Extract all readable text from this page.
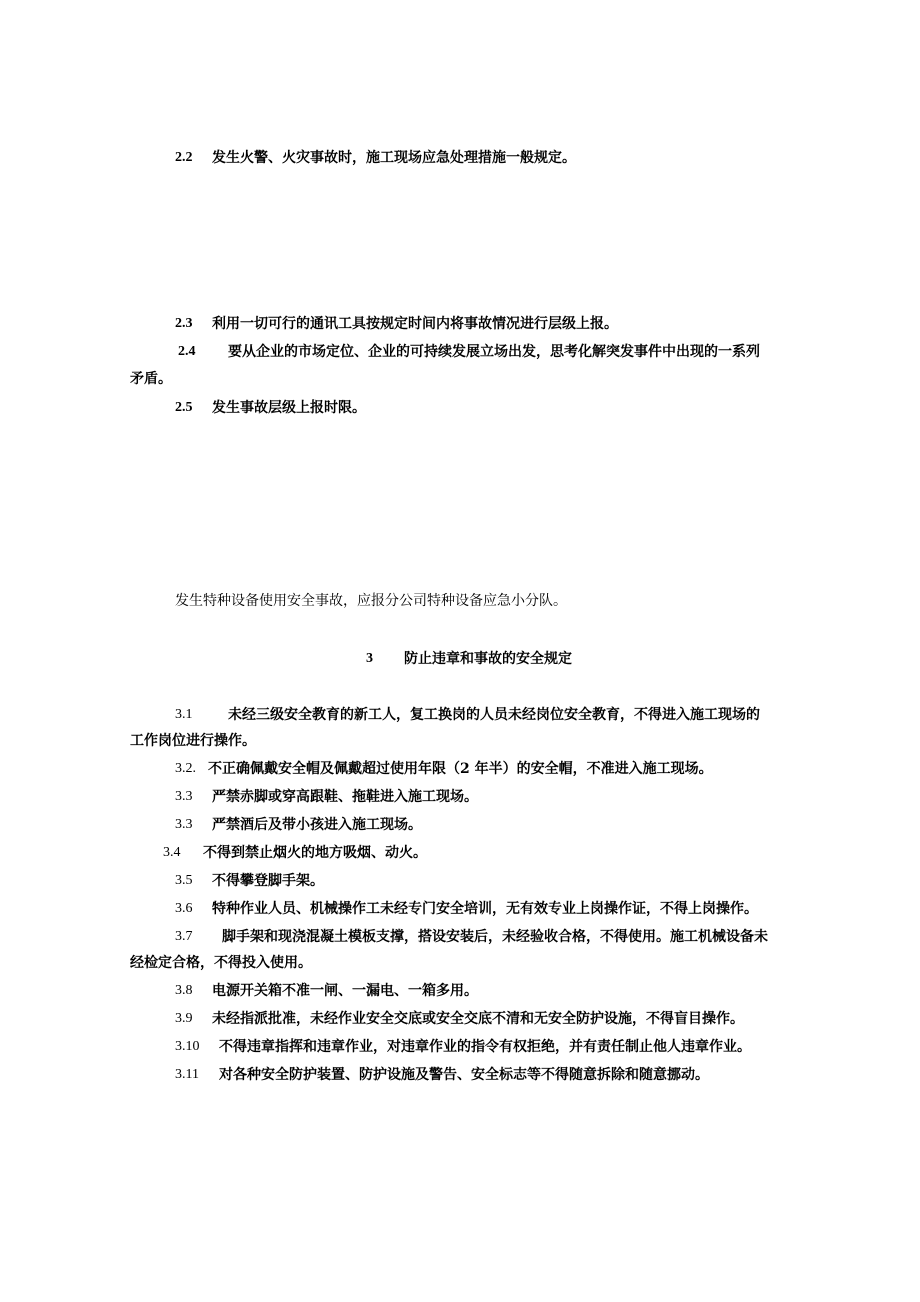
2.2 发生火警、火灾事故时，施工现场应急处理措施一般规定。
2.3 利用一切可行的通讯工具按规定时间内将事故情况进行层级上报。
2.4 要从企业的市场定位、企业的可持续发展立场出发，思考化解突发事件中出现的一系列
矛盾。
2.5 发生事故层级上报时限。
发生特种设备使用安全事故，应报分公司特种设备应急小分队。
3 防止违章和事故的安全规定
3.1	未经三级安全教育的新工人，复工换岗的人员未经岗位安全教育，不得进入施工现场的
工作岗位进行操作。
3.2. 不正确佩戴安全帽及佩戴超过使用年限（2 年半）的安全帽，不准进入施工现场。
3.3 严禁赤脚或穿高跟鞋、拖鞋进入施工现场。
3.3 严禁酒后及带小孩进入施工现场。
3.4 不得到禁止烟火的地方吸烟、动火。
3.5 不得攀登脚手架。
3.6 特种作业人员、机械操作工未经专门安全培训，无有效专业上岗操作证，不得上岗操作。
3.7 脚手架和现浇混凝土模板支撑，搭设安装后，未经验收合格，不得使用。施工机械设备未
经检定合格，不得投入使用。
3.8 电源开关箱不准一闸、一漏电、一箱多用。
3.9 未经指派批准，未经作业安全交底或安全交底不清和无安全防护设施，不得盲目操作。
3.10 不得违章指挥和违章作业，对违章作业的指令有权拒绝，并有责任制止他人违章作业。
3.11 对各种安全防护装置、防护设施及警告、安全标志等不得随意拆除和随意挪动。
